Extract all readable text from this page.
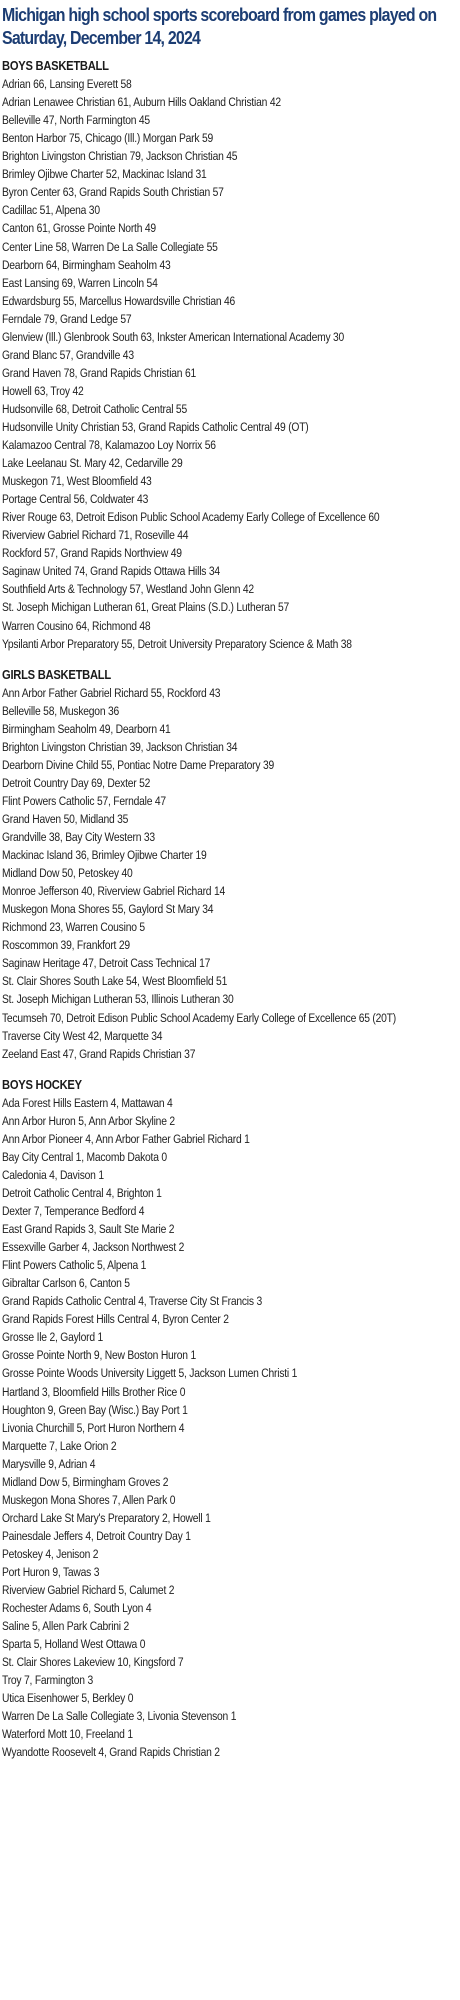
Michigan high school sports scoreboard from games played on Saturday, December 14, 2024
BOYS BASKETBALL
Adrian 66, Lansing Everett 58
Adrian Lenawee Christian 61, Auburn Hills Oakland Christian 42
Belleville 47, North Farmington 45
Benton Harbor 75, Chicago (Ill.) Morgan Park 59
Brighton Livingston Christian 79, Jackson Christian 45
Brimley Ojibwe Charter 52, Mackinac Island 31
Byron Center 63, Grand Rapids South Christian 57
Cadillac 51, Alpena 30
Canton 61, Grosse Pointe North 49
Center Line 58, Warren De La Salle Collegiate 55
Dearborn 64, Birmingham Seaholm 43
East Lansing 69, Warren Lincoln 54
Edwardsburg 55, Marcellus Howardsville Christian 46
Ferndale 79, Grand Ledge 57
Glenview (Ill.) Glenbrook South 63, Inkster American International Academy 30
Grand Blanc 57, Grandville 43
Grand Haven 78, Grand Rapids Christian 61
Howell 63, Troy 42
Hudsonville 68, Detroit Catholic Central 55
Hudsonville Unity Christian 53, Grand Rapids Catholic Central 49 (OT)
Kalamazoo Central 78, Kalamazoo Loy Norrix 56
Lake Leelanau St. Mary 42, Cedarville 29
Muskegon 71, West Bloomfield 43
Portage Central 56, Coldwater 43
River Rouge 63, Detroit Edison Public School Academy Early College of Excellence 60
Riverview Gabriel Richard 71, Roseville 44
Rockford 57, Grand Rapids Northview 49
Saginaw United 74, Grand Rapids Ottawa Hills 34
Southfield Arts & Technology 57, Westland John Glenn 42
St. Joseph Michigan Lutheran 61, Great Plains (S.D.) Lutheran 57
Warren Cousino 64, Richmond 48
Ypsilanti Arbor Preparatory 55, Detroit University Preparatory Science & Math 38
GIRLS BASKETBALL
Ann Arbor Father Gabriel Richard 55, Rockford 43
Belleville 58, Muskegon 36
Birmingham Seaholm 49, Dearborn 41
Brighton Livingston Christian 39, Jackson Christian 34
Dearborn Divine Child 55, Pontiac Notre Dame Preparatory 39
Detroit Country Day 69, Dexter 52
Flint Powers Catholic 57, Ferndale 47
Grand Haven 50, Midland 35
Grandville 38, Bay City Western 33
Mackinac Island 36, Brimley Ojibwe Charter 19
Midland Dow 50, Petoskey 40
Monroe Jefferson 40, Riverview Gabriel Richard 14
Muskegon Mona Shores 55, Gaylord St Mary 34
Richmond 23, Warren Cousino 5
Roscommon 39, Frankfort 29
Saginaw Heritage 47, Detroit Cass Technical 17
St. Clair Shores South Lake 54, West Bloomfield 51
St. Joseph Michigan Lutheran 53, Illinois Lutheran 30
Tecumseh 70, Detroit Edison Public School Academy Early College of Excellence 65 (20T)
Traverse City West 42, Marquette 34
Zeeland East 47, Grand Rapids Christian 37
BOYS HOCKEY
Ada Forest Hills Eastern 4, Mattawan 4
Ann Arbor Huron 5, Ann Arbor Skyline 2
Ann Arbor Pioneer 4, Ann Arbor Father Gabriel Richard 1
Bay City Central 1, Macomb Dakota 0
Caledonia 4, Davison 1
Detroit Catholic Central 4, Brighton 1
Dexter 7, Temperance Bedford 4
East Grand Rapids 3, Sault Ste Marie 2
Essexville Garber 4, Jackson Northwest 2
Flint Powers Catholic 5, Alpena 1
Gibraltar Carlson 6, Canton 5
Grand Rapids Catholic Central 4, Traverse City St Francis 3
Grand Rapids Forest Hills Central 4, Byron Center 2
Grosse Ile 2, Gaylord 1
Grosse Pointe North 9, New Boston Huron 1
Grosse Pointe Woods University Liggett 5, Jackson Lumen Christi 1
Hartland 3, Bloomfield Hills Brother Rice 0
Houghton 9, Green Bay (Wisc.) Bay Port 1
Livonia Churchill 5, Port Huron Northern 4
Marquette 7, Lake Orion 2
Marysville 9, Adrian 4
Midland Dow 5, Birmingham Groves 2
Muskegon Mona Shores 7, Allen Park 0
Orchard Lake St Mary's Preparatory 2, Howell 1
Painesdale Jeffers 4, Detroit Country Day 1
Petoskey 4, Jenison 2
Port Huron 9, Tawas 3
Riverview Gabriel Richard 5, Calumet 2
Rochester Adams 6, South Lyon 4
Saline 5, Allen Park Cabrini 2
Sparta 5, Holland West Ottawa 0
St. Clair Shores Lakeview 10, Kingsford 7
Troy 7, Farmington 3
Utica Eisenhower 5, Berkley 0
Warren De La Salle Collegiate 3, Livonia Stevenson 1
Waterford Mott 10, Freeland 1
Wyandotte Roosevelt 4, Grand Rapids Christian 2
